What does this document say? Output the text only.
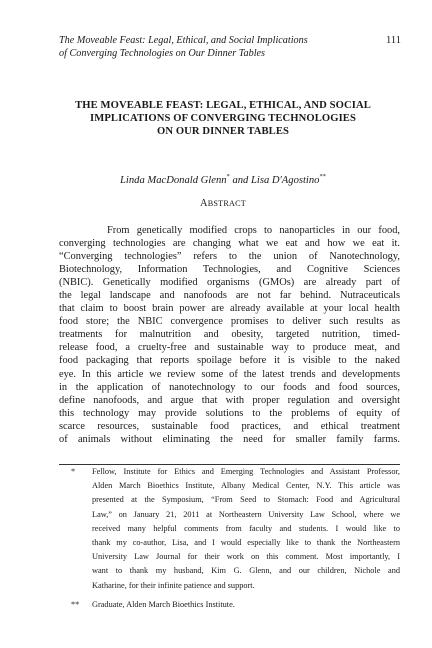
The Moveable Feast: Legal, Ethical, and Social Implications
of Converging Technologies on Our Dinner Tables
111
THE MOVEABLE FEAST: LEGAL, ETHICAL, AND SOCIAL
IMPLICATIONS OF CONVERGING TECHNOLOGIES
ON OUR DINNER TABLES
Linda MacDonald Glenn* and Lisa D'Agostino**
ABSTRACT
From genetically modified crops to nanoparticles in our food,
converging technologies are changing what we eat and how we eat it.
“Converging technologies” refers to the union of Nanotechnology,
Biotechnology, Information Technologies, and Cognitive Sciences
(NBIC). Genetically modified organisms (GMOs) are already part of
the legal landscape and nanofoods are not far behind. Nutraceuticals
that claim to boost brain power are already available at your local health
food store; the NBIC convergence promises to deliver such results as
treatments for malnutrition and obesity, targeted nutrition, timed-
release food, a cruelty-free and sustainable way to produce meat, and
food packaging that reports spoilage before it is visible to the naked
eye. In this article we review some of the latest trends and developments
in the application of nanotechnology to our foods and food sources,
define nanofoods, and argue that with proper regulation and oversight
this technology may provide solutions to the problems of equity of
scarce resources, sustainable food practices, and ethical treatment
of animals without eliminating the need for smaller family farms.
* Fellow, Institute for Ethics and Emerging Technologies and Assistant Professor,
Alden March Bioethics Institute, Albany Medical Center, N.Y. This article was
presented at the Symposium, “From Seed to Stomach: Food and Agricultural
Law,” on January 21, 2011 at Northeastern University Law School, where we
received many helpful comments from faculty and students. I would like to
thank my co-author, Lisa, and I would especially like to thank the Northeastern
University Law Journal for their work on this comment. Most importantly, I
want to thank my husband, Kim G. Glenn, and our children, Nichole and
Katharine, for their infinite patience and support.
** Graduate, Alden March Bioethics Institute.
